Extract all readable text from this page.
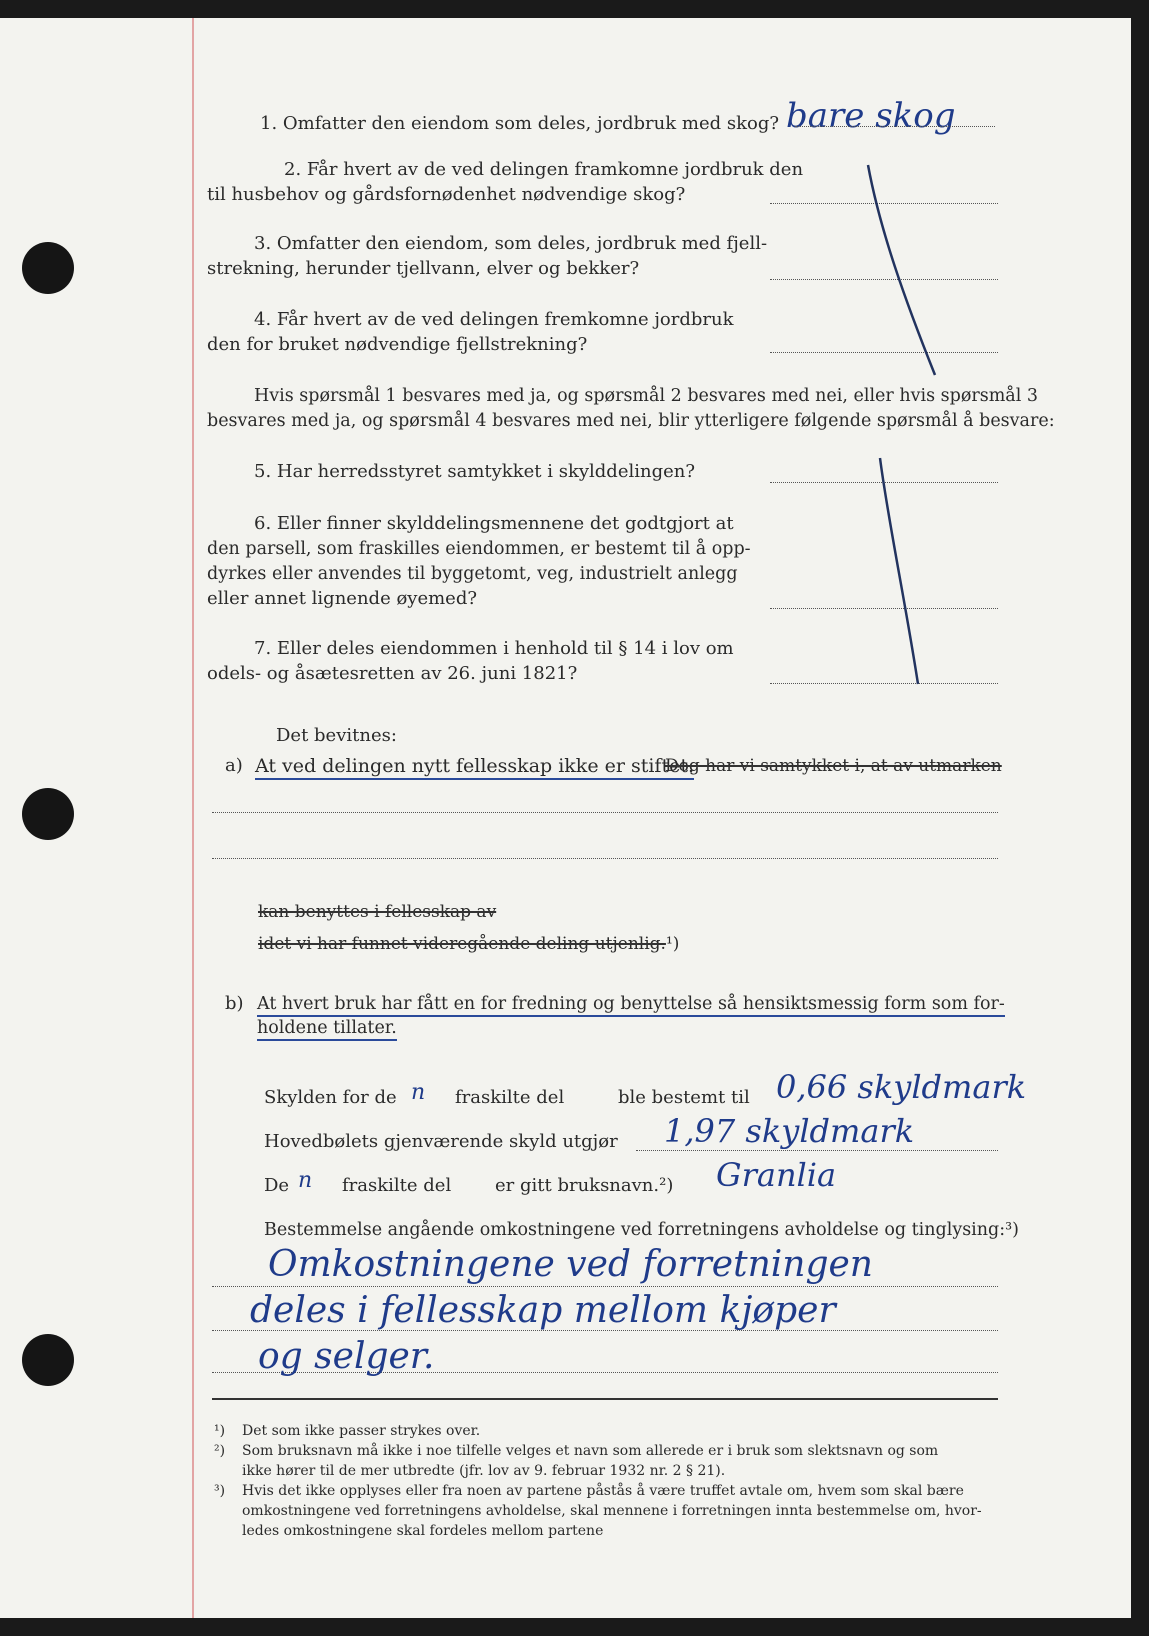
1. Omfatter den eiendom som deles, jordbruk med skog? bare skog
2. Får hvert av de ved delingen framkomne jordbruk den
til husbehov og gårdsfornødenhet nødvendige skog?
3. Omfatter den eiendom, som deles, jordbruk med fjell-
strekning, herunder tjellvann, elver og bekker?
4. Får hvert av de ved delingen fremkomne jordbruk
den for bruket nødvendige fjellstrekning?
Hvis spørsmål 1 besvares med ja, og spørsmål 2 besvares med nei, eller hvis spørsmål 3
besvares med ja, og spørsmål 4 besvares med nei, blir ytterligere følgende spørsmål å besvare:
5. Har herredsstyret samtykket i skylddelingen?
6. Eller finner skylddelingsmennene det godtgjort at
den parsell, som fraskilles eiendommen, er bestemt til å opp-
dyrkes eller anvendes til byggetomt, veg, industrielt anlegg
eller annet lignende øyemed?
7. Eller deles eiendommen i henhold til § 14 i lov om
odels- og åsætesretten av 26. juni 1821?
Det bevitnes:
a) At ved delingen nytt fellesskap ikke er stiftet.
Dog har vi samtykket i, at av utmarken
kan benyttes i fellesskap av
idet vi har funnet videregående deling utjenlig.¹)
b) At hvert bruk har fått en for fredning og benyttelse så hensiktsmessig form som for-
holdene tillater.
Skylden for de n fraskilte del	ble bestemt til 0,66 skyldmark
Hovedbølets gjenværende skyld utgjør 1,97 skyldmark
De n fraskilte del er gitt bruksnavn.²) Granlia
Bestemmelse angående omkostningene ved forretningens avholdelse og tinglysing:³)
Omkostningene ved forretningen
deles i fellesskap mellom kjøper
og selger.
¹) Det som ikke passer strykes over.
²) Som bruksnavn må ikke i noe tilfelle velges et navn som allerede er i bruk som slektsnavn og som
ikke hører til de mer utbredte (jfr. lov av 9. februar 1932 nr. 2 § 21).
³) Hvis det ikke opplyses eller fra noen av partene påstås å være truffet avtale om, hvem som skal bære
omkostningene ved forretningens avholdelse, skal mennene i forretningen innta bestemmelse om, hvor-
ledes omkostningene skal fordeles mellom partene
